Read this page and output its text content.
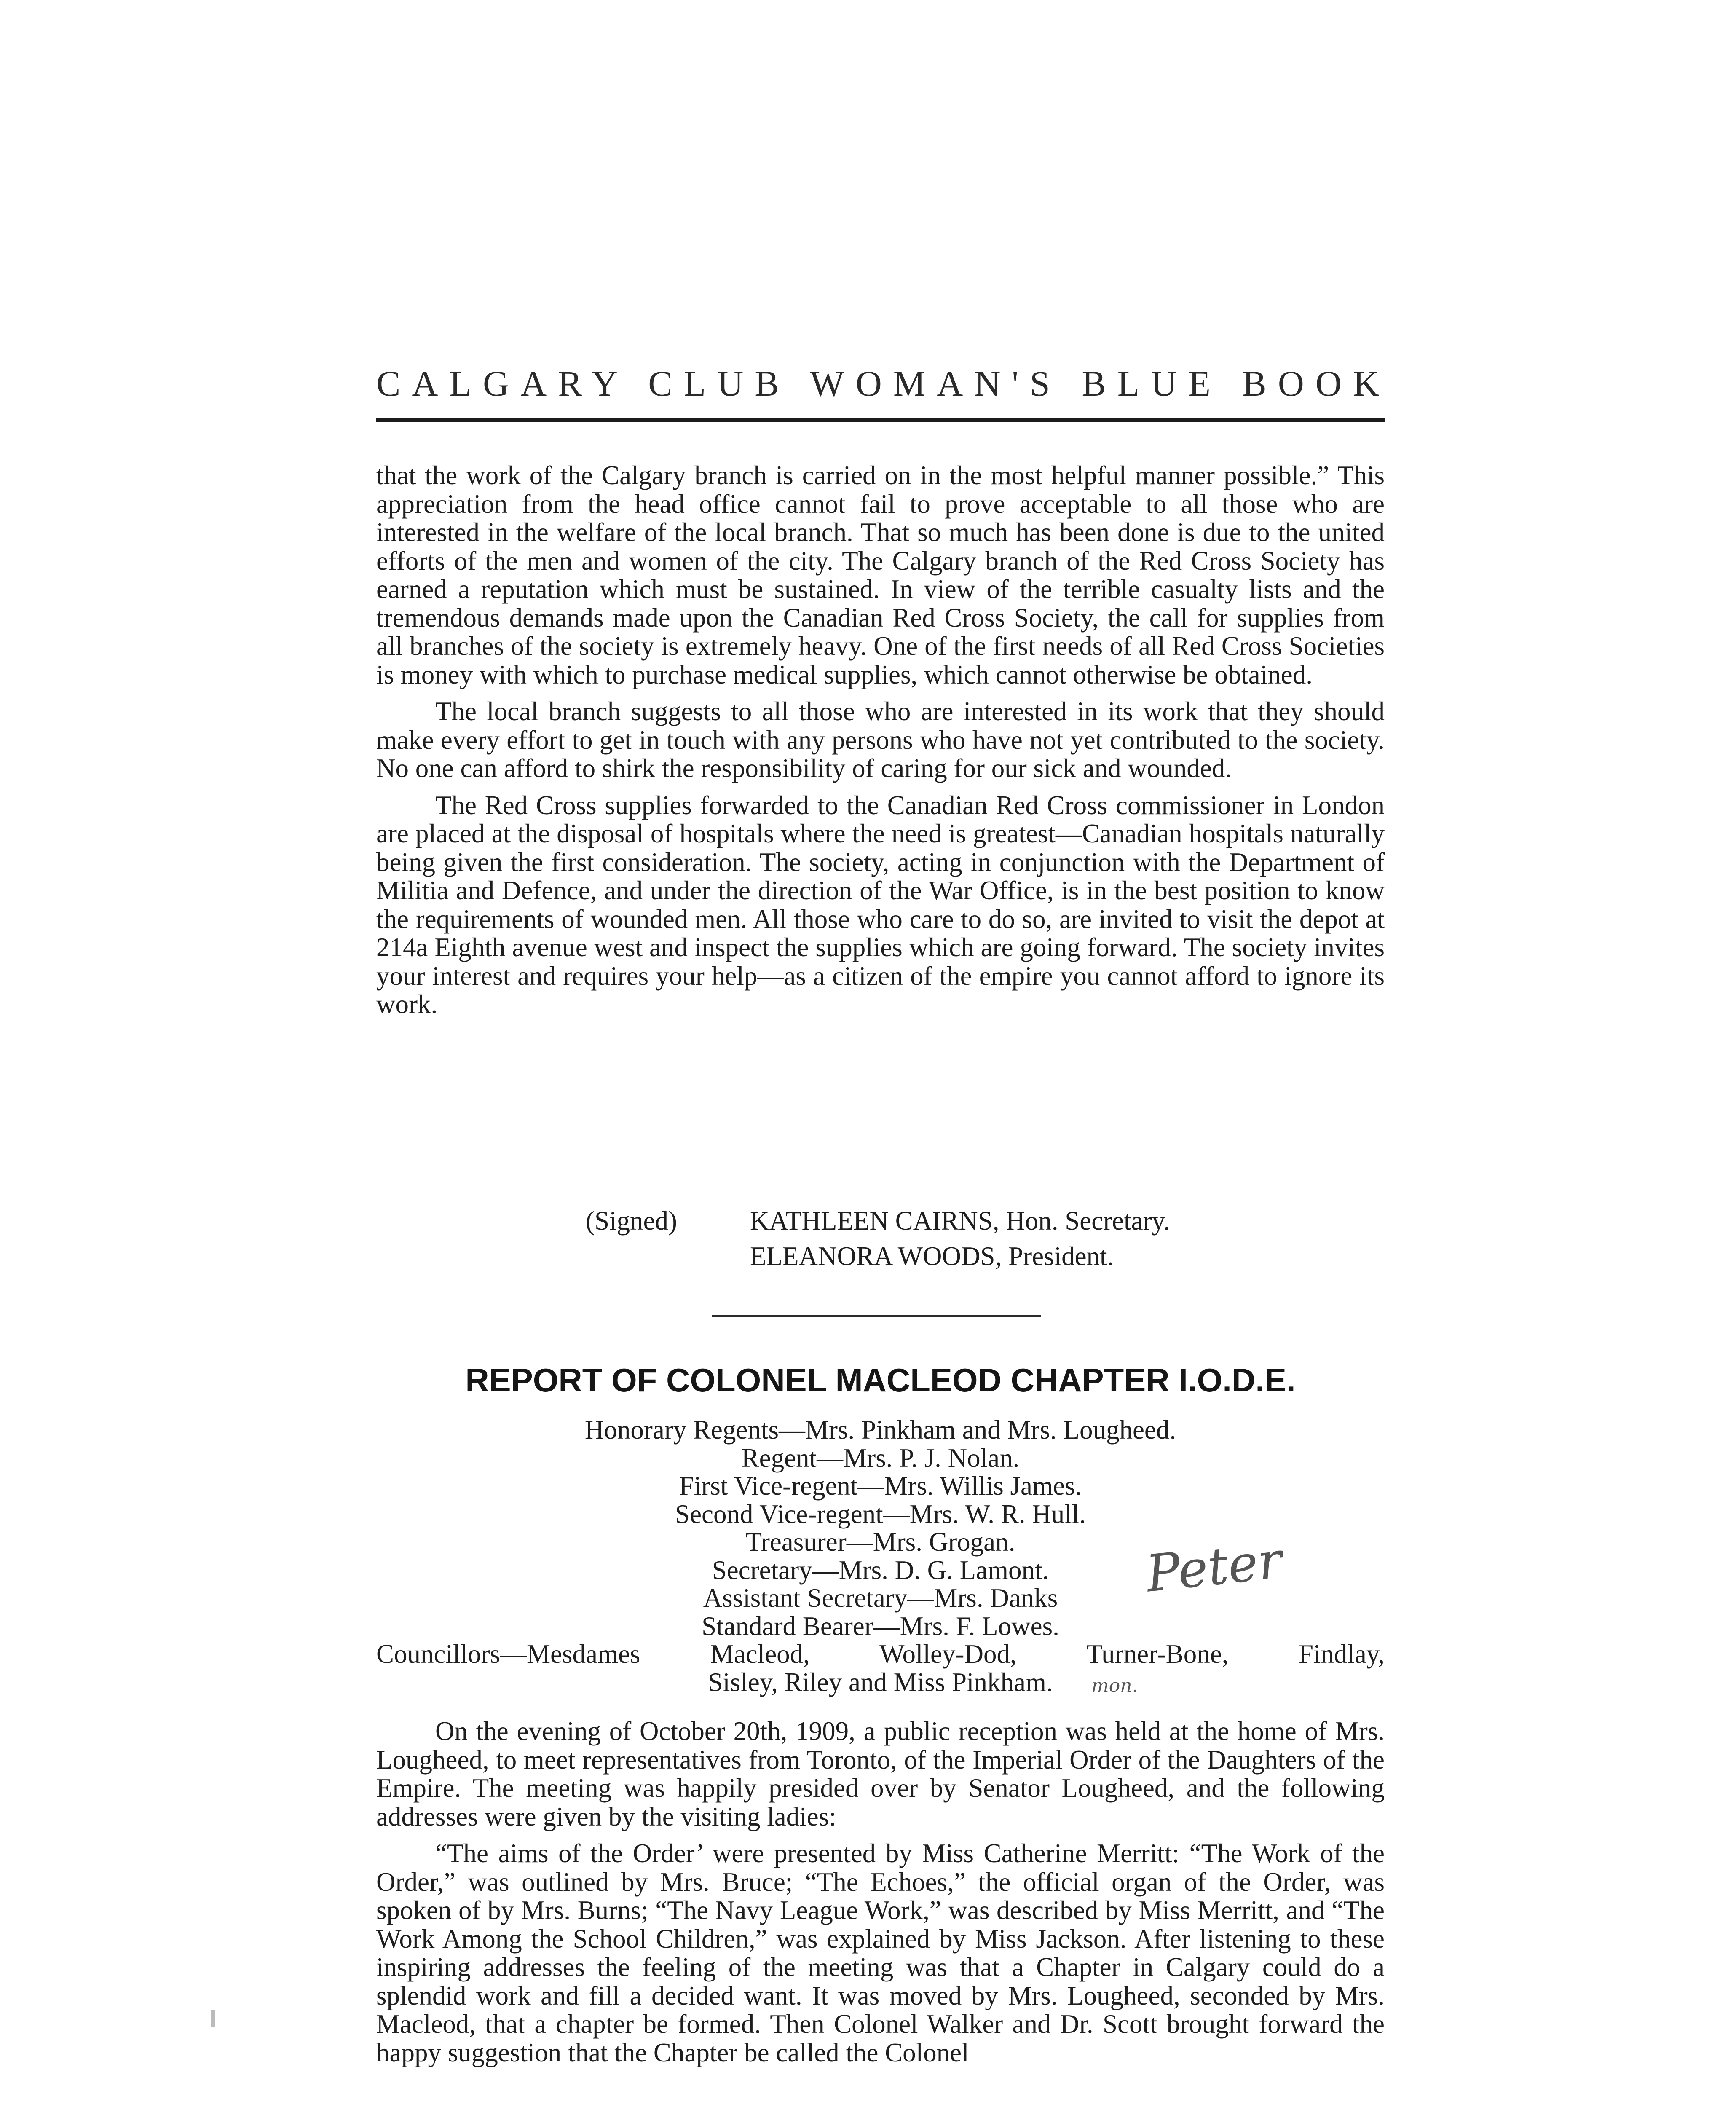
CALGARY CLUB WOMAN'S BLUE BOOK

that the work of the Calgary branch is carried on in the most helpful manner possible.” This appreciation from the head office cannot fail to prove acceptable to all those who are interested in the welfare of the local branch. That so much has been done is due to the united efforts of the men and women of the city. The Calgary branch of the Red Cross Society has earned a reputation which must be sustained. In view of the terrible casualty lists and the tremendous demands made upon the Canadian Red Cross Society, the call for supplies from all branches of the society is extremely heavy. One of the first needs of all Red Cross Societies is money with which to purchase medical supplies, which cannot otherwise be obtained.

The local branch suggests to all those who are interested in its work that they should make every effort to get in touch with any persons who have not yet contributed to the society. No one can afford to shirk the responsibility of caring for our sick and wounded.

The Red Cross supplies forwarded to the Canadian Red Cross commissioner in London are placed at the disposal of hospitals where the need is greatest—Canadian hospitals naturally being given the first consideration. The society, acting in conjunction with the Department of Militia and Defence, and under the direction of the War Office, is in the best position to know the requirements of wounded men. All those who care to do so, are invited to visit the depot at 214a Eighth avenue west and inspect the supplies which are going forward. The society invites your interest and requires your help—as a citizen of the empire you cannot afford to ignore its work.

(Signed)	KATHLEEN CAIRNS, Hon. Secretary.
ELEANORA WOODS, President.
REPORT OF COLONEL MACLEOD CHAPTER I.O.D.E.
Honorary Regents—Mrs. Pinkham and Mrs. Lougheed.
Regent—Mrs. P. J. Nolan.
First Vice-regent—Mrs. Willis James.
Second Vice-regent—Mrs. W. R. Hull.
Treasurer—Mrs. Grogan.
Secretary—Mrs. D. G. Lamont.
Assistant Secretary—Mrs. Danks
Standard Bearer—Mrs. F. Lowes.
Councillors—Mesdames Macleod, Wolley-Dod, Turner-Bone, Findlay,
Sisley, Riley and Miss Pinkham.
Peter
mon.

On the evening of October 20th, 1909, a public reception was held at the home of Mrs. Lougheed, to meet representatives from Toronto, of the Imperial Order of the Daughters of the Empire. The meeting was happily presided over by Senator Lougheed, and the following addresses were given by the visiting ladies:

“The aims of the Order’ were presented by Miss Catherine Merritt: “The Work of the Order,” was outlined by Mrs. Bruce; “The Echoes,” the official organ of the Order, was spoken of by Mrs. Burns; “The Navy League Work,” was described by Miss Merritt, and “The Work Among the School Children,” was explained by Miss Jackson. After listening to these inspiring addresses the feeling of the meeting was that a Chapter in Calgary could do a splendid work and fill a decided want. It was moved by Mrs. Lougheed, seconded by Mrs. Macleod, that a chapter be formed. Then Colonel Walker and Dr. Scott brought forward the happy suggestion that the Chapter be called the Colonel
